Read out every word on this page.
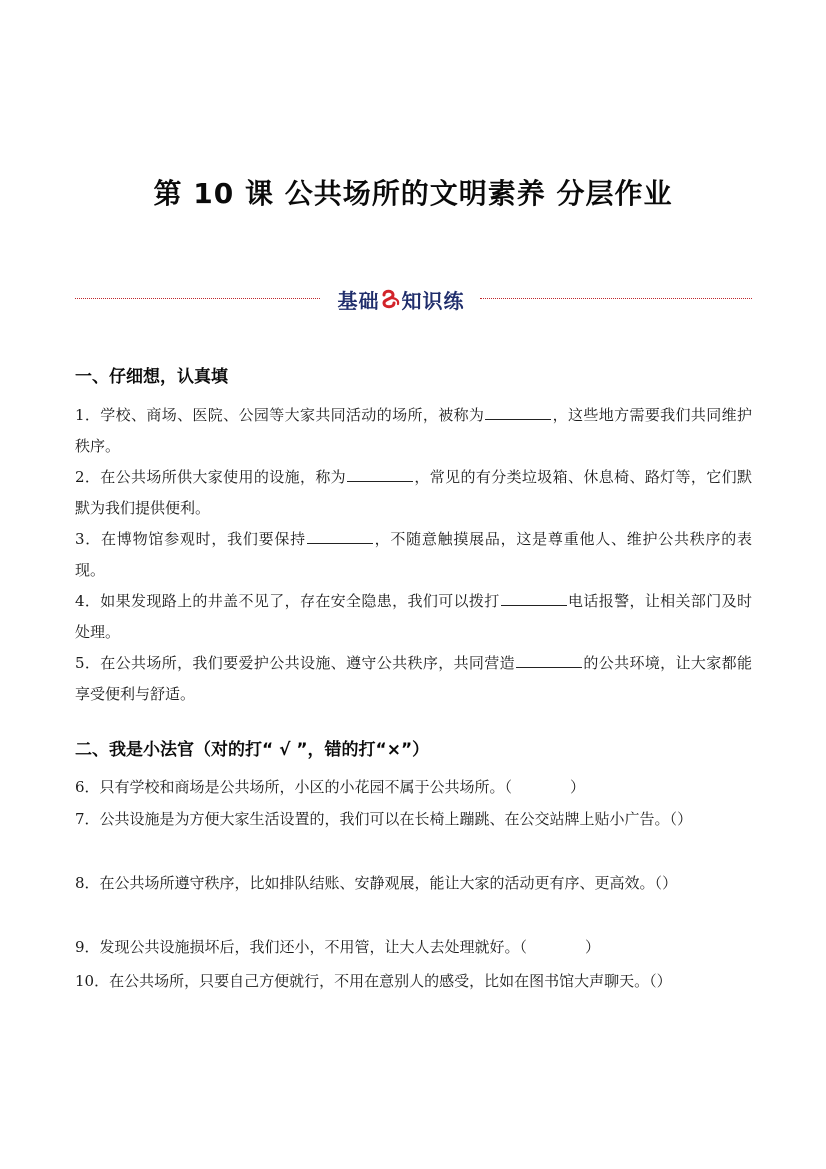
第 10 课 公共场所的文明素养 分层作业
基础 知识练
一、仔细想，认真填
1．学校、商场、医院、公园等大家共同活动的场所，被称为	，这些地方需要我们共同维护秩序。
2．在公共场所供大家使用的设施，称为	，常见的有分类垃圾箱、休息椅、路灯等，它们默默为我们提供便利。
3．在博物馆参观时，我们要保持	，不随意触摸展品，这是尊重他人、维护公共秩序的表现。
4．如果发现路上的井盖不见了，存在安全隐患，我们可以拨打	电话报警，让相关部门及时处理。
5．在公共场所，我们要爱护公共设施、遵守公共秩序，共同营造	的公共环境，让大家都能享受便利与舒适。
二、我是小法官（对的打“ √ ”，错的打“×”）
6．只有学校和商场是公共场所，小区的小花园不属于公共场所。（	）
7．公共设施是为方便大家生活设置的，我们可以在长椅上蹦跳、在公交站牌上贴小广告。（）
8．在公共场所遵守秩序，比如排队结账、安静观展，能让大家的活动更有序、更高效。（）
9．发现公共设施损坏后，我们还小，不用管，让大人去处理就好。（	）
10．在公共场所，只要自己方便就行，不用在意别人的感受，比如在图书馆大声聊天。（）
